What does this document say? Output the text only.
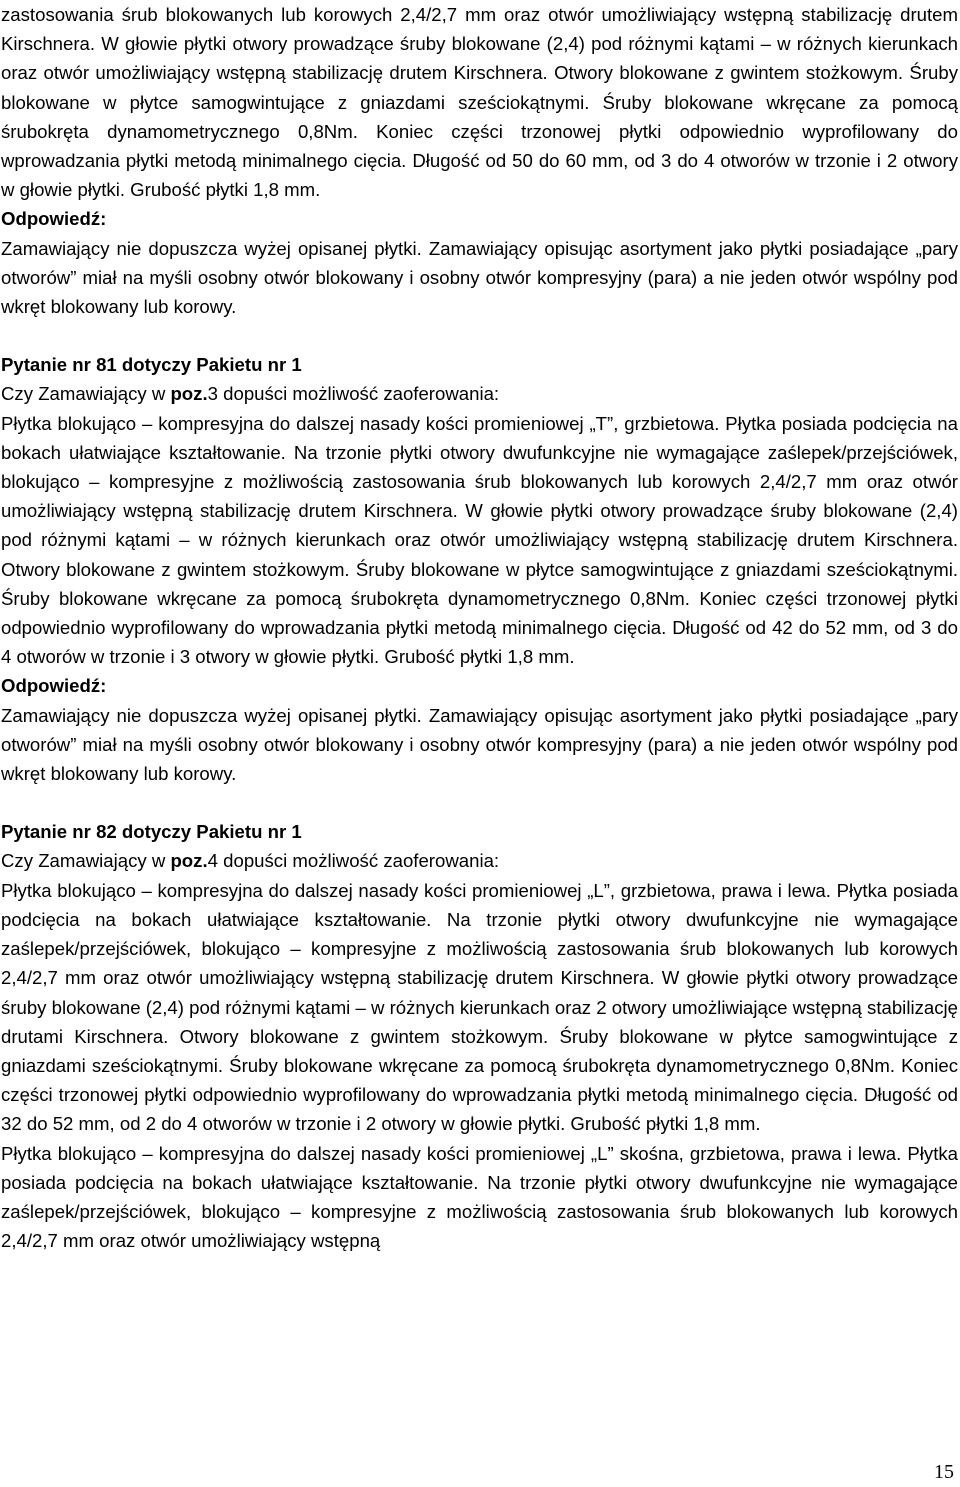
zastosowania śrub blokowanych lub korowych 2,4/2,7 mm oraz otwór umożliwiający wstępną stabilizację drutem Kirschnera. W głowie płytki otwory prowadzące śruby blokowane (2,4) pod różnymi kątami – w różnych kierunkach oraz otwór umożliwiający wstępną stabilizację drutem Kirschnera. Otwory blokowane z gwintem stożkowym. Śruby blokowane w płytce samogwintujące z gniazdami sześciokątnymi. Śruby blokowane wkręcane za pomocą śrubokręta dynamometrycznego 0,8Nm. Koniec części trzonowej płytki odpowiednio wyprofilowany do wprowadzania płytki metodą minimalnego cięcia. Długość od 50 do 60 mm, od 3 do 4 otworów w trzonie i 2 otwory w głowie płytki. Grubość płytki 1,8 mm.

Odpowiedź:

Zamawiający nie dopuszcza wyżej opisanej płytki. Zamawiający opisując asortyment jako płytki posiadające „pary otworów” miał na myśli osobny otwór blokowany i osobny otwór kompresyjny (para) a nie jeden otwór wspólny pod wkręt blokowany lub korowy.

Pytanie nr 81 dotyczy Pakietu nr 1

Czy Zamawiający w poz.3 dopuści możliwość zaoferowania:

Płytka blokująco – kompresyjna do dalszej nasady kości promieniowej „T”, grzbietowa. Płytka posiada podcięcia na bokach ułatwiające kształtowanie. Na trzonie płytki otwory dwufunkcyjne nie wymagające zaślepek/przejściówek, blokująco – kompresyjne z możliwością zastosowania śrub blokowanych lub korowych 2,4/2,7 mm oraz otwór umożliwiający wstępną stabilizację drutem Kirschnera. W głowie płytki otwory prowadzące śruby blokowane (2,4) pod różnymi kątami – w różnych kierunkach oraz otwór umożliwiający wstępną stabilizację drutem Kirschnera. Otwory blokowane z gwintem stożkowym. Śruby blokowane w płytce samogwintujące z gniazdami sześciokątnymi. Śruby blokowane wkręcane za pomocą śrubokręta dynamometrycznego 0,8Nm. Koniec części trzonowej płytki odpowiednio wyprofilowany do wprowadzania płytki metodą minimalnego cięcia. Długość od 42 do 52 mm, od 3 do 4 otworów w trzonie i 3 otwory w głowie płytki. Grubość płytki 1,8 mm.

Odpowiedź:

Zamawiający nie dopuszcza wyżej opisanej płytki. Zamawiający opisując asortyment jako płytki posiadające „pary otworów” miał na myśli osobny otwór blokowany i osobny otwór kompresyjny (para) a nie jeden otwór wspólny pod wkręt blokowany lub korowy.

Pytanie nr 82 dotyczy Pakietu nr 1

Czy Zamawiający w poz.4 dopuści możliwość zaoferowania:

Płytka blokująco – kompresyjna do dalszej nasady kości promieniowej „L”, grzbietowa, prawa i lewa. Płytka posiada podcięcia na bokach ułatwiające kształtowanie. Na trzonie płytki otwory dwufunkcyjne nie wymagające zaślepek/przejściówek, blokująco – kompresyjne z możliwością zastosowania śrub blokowanych lub korowych 2,4/2,7 mm oraz otwór umożliwiający wstępną stabilizację drutem Kirschnera. W głowie płytki otwory prowadzące śruby blokowane (2,4) pod różnymi kątami – w różnych kierunkach oraz 2 otwory umożliwiające wstępną stabilizację drutami Kirschnera. Otwory blokowane z gwintem stożkowym. Śruby blokowane w płytce samogwintujące z gniazdami sześciokątnymi. Śruby blokowane wkręcane za pomocą śrubokręta dynamometrycznego 0,8Nm. Koniec części trzonowej płytki odpowiednio wyprofilowany do wprowadzania płytki metodą minimalnego cięcia. Długość od 32 do 52 mm, od 2 do 4 otworów w trzonie i 2 otwory w głowie płytki. Grubość płytki 1,8 mm.

Płytka blokująco – kompresyjna do dalszej nasady kości promieniowej „L” skośna, grzbietowa, prawa i lewa. Płytka posiada podcięcia na bokach ułatwiające kształtowanie. Na trzonie płytki otwory dwufunkcyjne nie wymagające zaślepek/przejściówek, blokująco – kompresyjne z możliwością zastosowania śrub blokowanych lub korowych 2,4/2,7 mm oraz otwór umożliwiający wstępną

15
